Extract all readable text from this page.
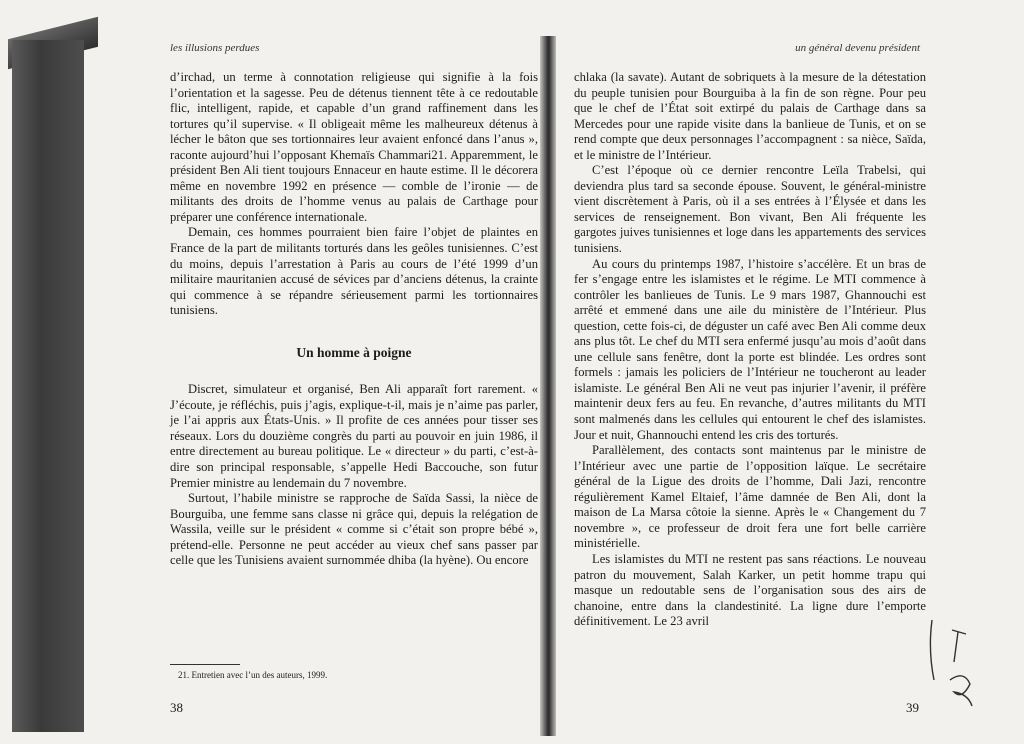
les illusions perdues

d’irchad, un terme à connotation religieuse qui signifie à la fois l’orientation et la sagesse. Peu de détenus tiennent tête à ce redoutable flic, intelligent, rapide, et capable d’un grand raffinement dans les tortures qu’il supervise. « Il obligeait même les malheureux détenus à lécher le bâton que ses tortionnaires leur avaient enfoncé dans l’anus », raconte aujourd’hui l’opposant Khemaïs Chammari21. Apparemment, le président Ben Ali tient toujours Ennaceur en haute estime. Il le décorera même en novembre 1992 en présence — comble de l’ironie — de militants des droits de l’homme venus au palais de Carthage pour préparer une conférence internationale.

Demain, ces hommes pourraient bien faire l’objet de plaintes en France de la part de militants torturés dans les geôles tunisiennes. C’est du moins, depuis l’arrestation à Paris au cours de l’été 1999 d’un militaire mauritanien accusé de sévices par d’anciens détenus, la crainte qui commence à se répandre sérieusement parmi les tortionnaires tunisiens.

Un homme à poigne

Discret, simulateur et organisé, Ben Ali apparaît fort rarement. « J’écoute, je réfléchis, puis j’agis, explique-t-il, mais je n’aime pas parler, je l’ai appris aux États-Unis. » Il profite de ces années pour tisser ses réseaux. Lors du douzième congrès du parti au pouvoir en juin 1986, il entre directement au bureau politique. Le « directeur » du parti, c’est-à-dire son principal responsable, s’appelle Hedi Baccouche, son futur Premier ministre au lendemain du 7 novembre.

Surtout, l’habile ministre se rapproche de Saïda Sassi, la nièce de Bourguiba, une femme sans classe ni grâce qui, depuis la relégation de Wassila, veille sur le président « comme si c’était son propre bébé », prétend-elle. Personne ne peut accéder au vieux chef sans passer par celle que les Tunisiens avaient surnommée dhiba (la hyène). Ou encore

21. Entretien avec l’un des auteurs, 1999.
38
un général devenu président

chlaka (la savate). Autant de sobriquets à la mesure de la détestation du peuple tunisien pour Bourguiba à la fin de son règne. Pour peu que le chef de l’État soit extirpé du palais de Carthage dans sa Mercedes pour une rapide visite dans la banlieue de Tunis, et on se rend compte que deux personnages l’accompagnent : sa nièce, Saïda, et le ministre de l’Intérieur.

C’est l’époque où ce dernier rencontre Leïla Trabelsi, qui deviendra plus tard sa seconde épouse. Souvent, le général-ministre vient discrètement à Paris, où il a ses entrées à l’Élysée et dans les services de renseignement. Bon vivant, Ben Ali fréquente les gargotes juives tunisiennes et loge dans les appartements des services tunisiens.

Au cours du printemps 1987, l’histoire s’accélère. Et un bras de fer s’engage entre les islamistes et le régime. Le MTI commence à contrôler les banlieues de Tunis. Le 9 mars 1987, Ghannouchi est arrêté et emmené dans une aile du ministère de l’Intérieur. Plus question, cette fois-ci, de déguster un café avec Ben Ali comme deux ans plus tôt. Le chef du MTI sera enfermé jusqu’au mois d’août dans une cellule sans fenêtre, dont la porte est blindée. Les ordres sont formels : jamais les policiers de l’Intérieur ne toucheront au leader islamiste. Le général Ben Ali ne veut pas injurier l’avenir, il préfère maintenir deux fers au feu. En revanche, d’autres militants du MTI sont malmenés dans les cellules qui entourent le chef des islamistes. Jour et nuit, Ghannouchi entend les cris des torturés.

Parallèlement, des contacts sont maintenus par le ministre de l’Intérieur avec une partie de l’opposition laïque. Le secrétaire général de la Ligue des droits de l’homme, Dali Jazi, rencontre régulièrement Kamel Eltaief, l’âme damnée de Ben Ali, dont la maison de La Marsa côtoie la sienne. Après le « Changement du 7 novembre », ce professeur de droit fera une fort belle carrière ministérielle.

Les islamistes du MTI ne restent pas sans réactions. Le nouveau patron du mouvement, Salah Karker, un petit homme trapu qui masque un redoutable sens de l’organisation sous des airs de chanoine, entre dans la clandestinité. La ligne dure l’emporte définitivement. Le 23 avril

39
